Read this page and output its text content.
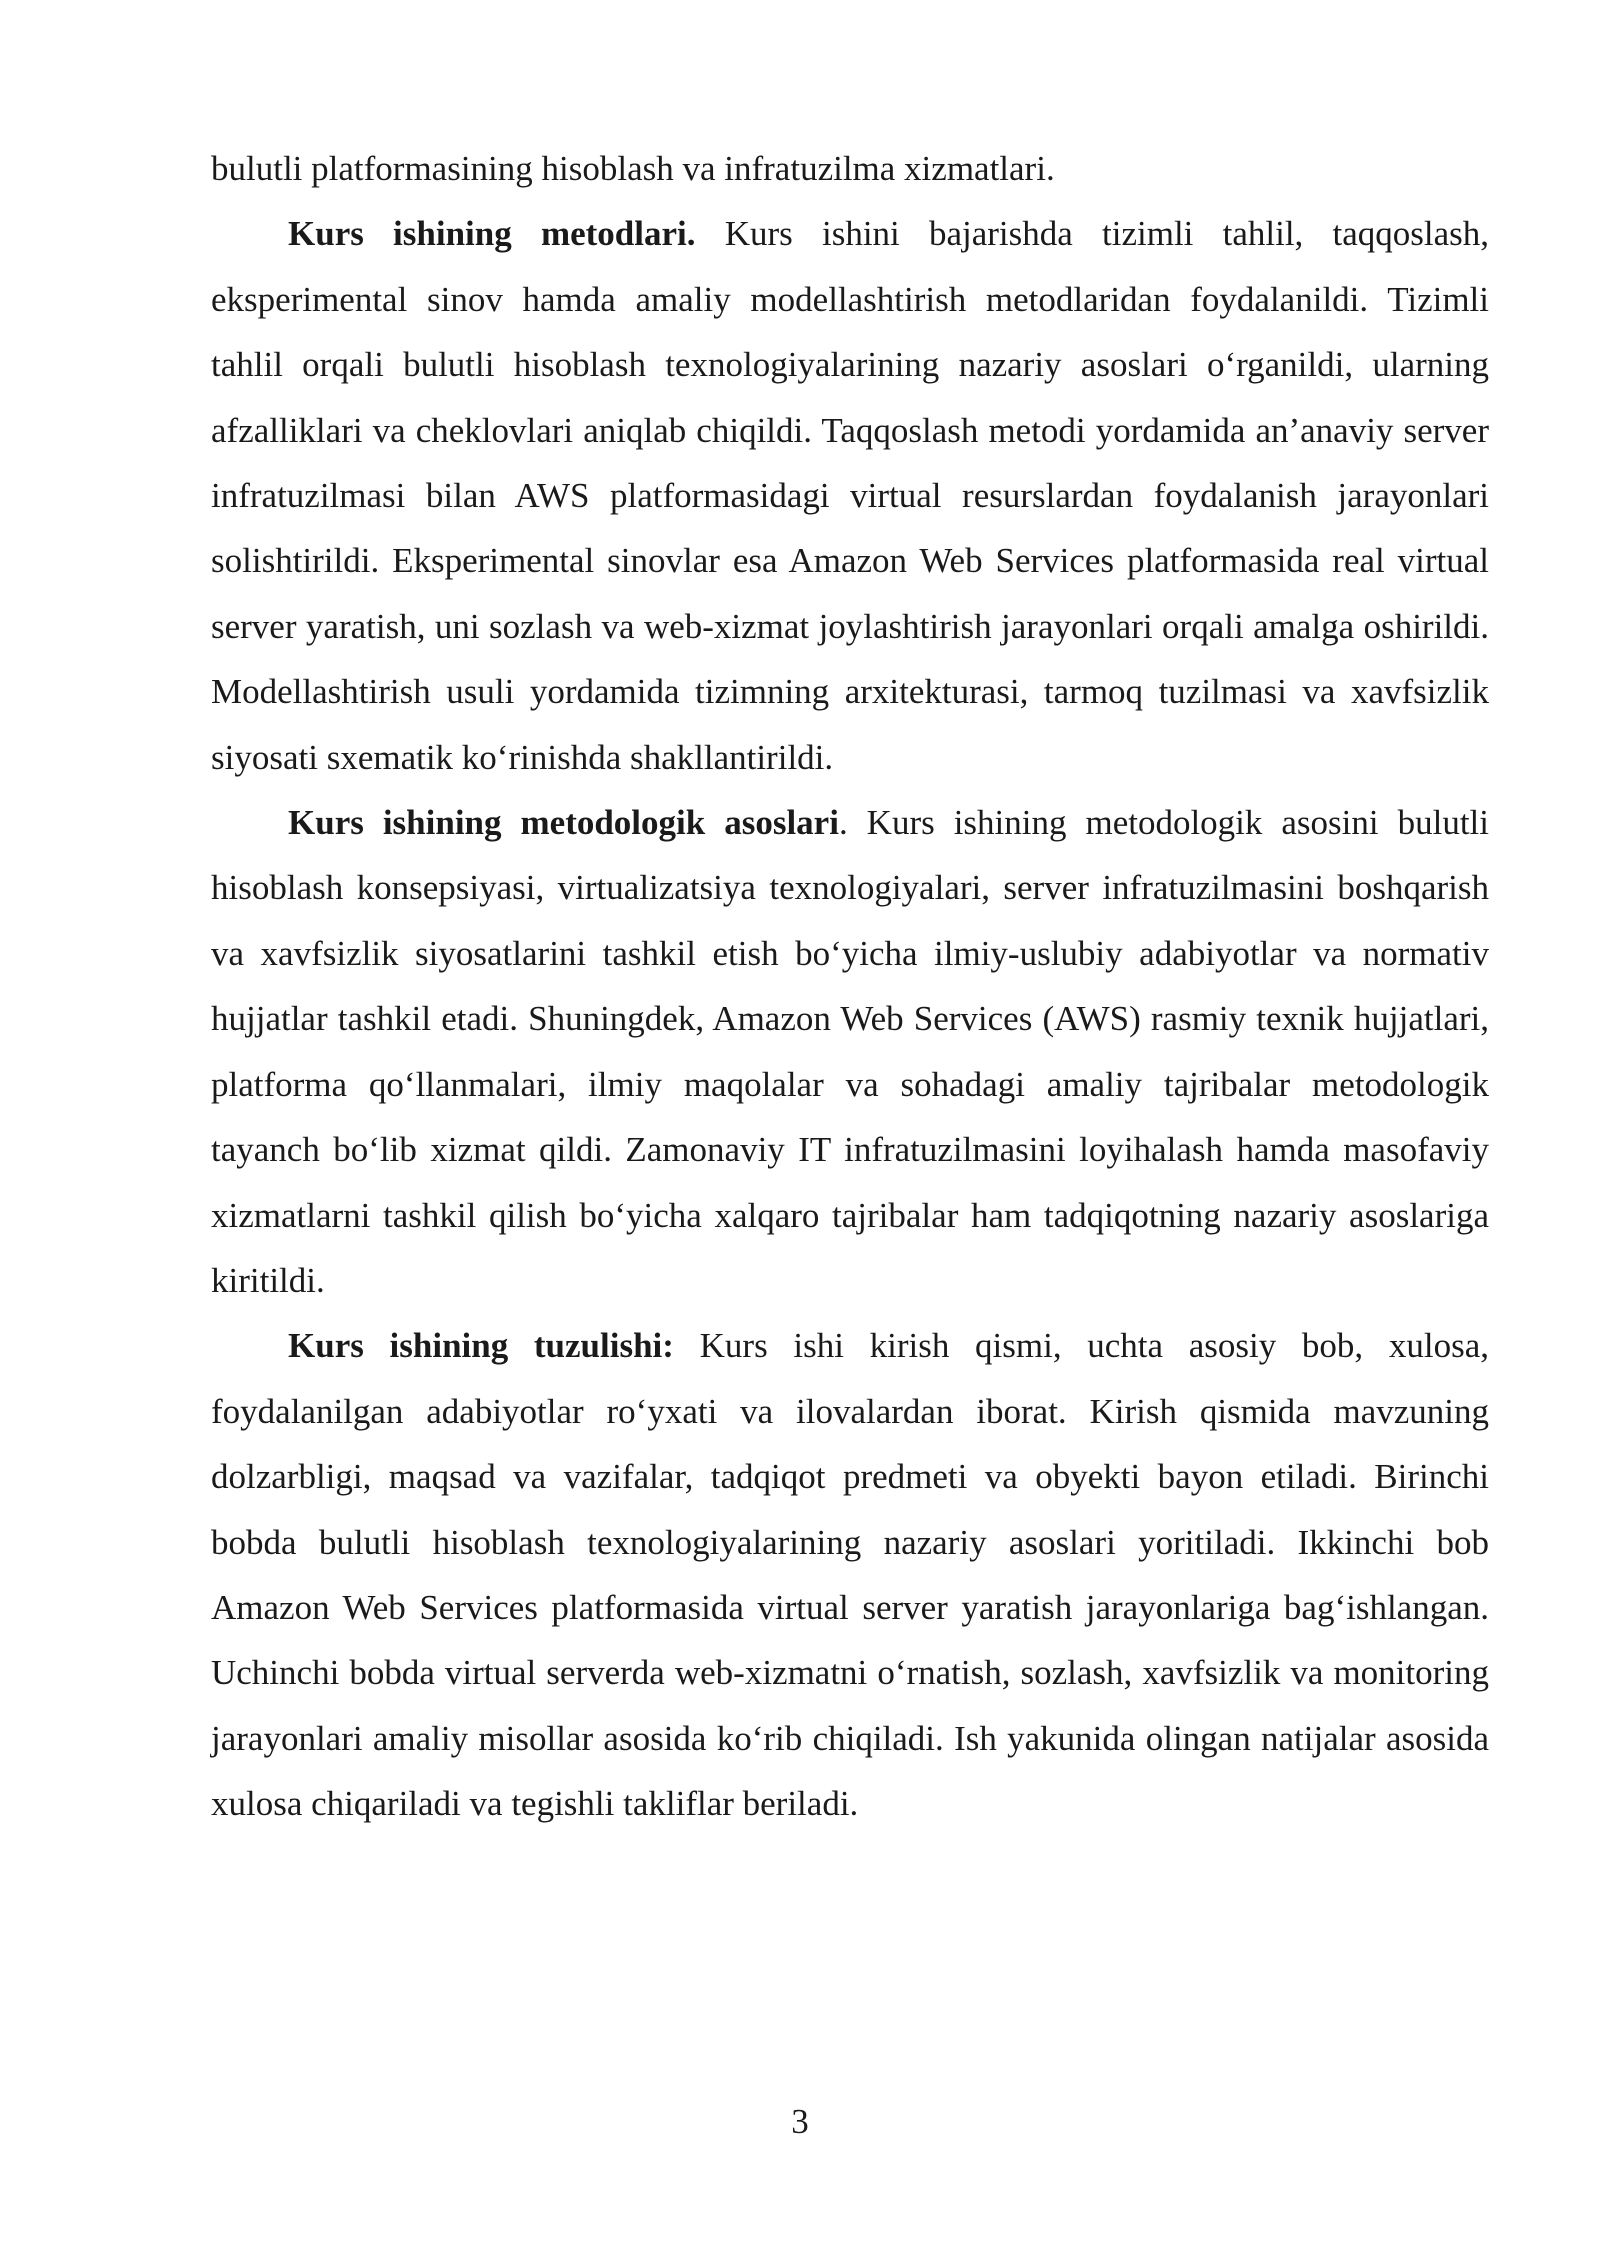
bulutli platformasining hisoblash va infratuzilma xizmatlari.

Kurs ishining metodlari. Kurs ishini bajarishda tizimli tahlil, taqqoslash, eksperimental sinov hamda amaliy modellashtirish metodlaridan foydalanildi. Tizimli tahlil orqali bulutli hisoblash texnologiyalarining nazariy asoslari o‘rganildi, ularning afzalliklari va cheklovlari aniqlab chiqildi. Taqqoslash metodi yordamida an’anaviy server infratuzilmasi bilan AWS platformasidagi virtual resurslardan foydalanish jarayonlari solishtirildi. Eksperimental sinovlar esa Amazon Web Services platformasida real virtual server yaratish, uni sozlash va web-xizmat joylashtirish jarayonlari orqali amalga oshirildi. Modellashtirish usuli yordamida tizimning arxitekturasi, tarmoq tuzilmasi va xavfsizlik siyosati sxematik ko‘rinishda shakllantirildi.

Kurs ishining metodologik asoslari. Kurs ishining metodologik asosini bulutli hisoblash konsepsiyasi, virtualizatsiya texnologiyalari, server infratuzilmasini boshqarish va xavfsizlik siyosatlarini tashkil etish bo‘yicha ilmiy-uslubiy adabiyotlar va normativ hujjatlar tashkil etadi. Shuningdek, Amazon Web Services (AWS) rasmiy texnik hujjatlari, platforma qo‘llanmalari, ilmiy maqolalar va sohadagi amaliy tajribalar metodologik tayanch bo‘lib xizmat qildi. Zamonaviy IT infratuzilmasini loyihalash hamda masofaviy xizmatlarni tashkil qilish bo‘yicha xalqaro tajribalar ham tadqiqotning nazariy asoslariga kiritildi.

Kurs ishining tuzulishi: Kurs ishi kirish qismi, uchta asosiy bob, xulosa, foydalanilgan adabiyotlar ro‘yxati va ilovalardan iborat. Kirish qismida mavzuning dolzarbligi, maqsad va vazifalar, tadqiqot predmeti va obyekti bayon etiladi. Birinchi bobda bulutli hisoblash texnologiyalarining nazariy asoslari yoritiladi. Ikkinchi bob Amazon Web Services platformasida virtual server yaratish jarayonlariga bag‘ishlangan. Uchinchi bobda virtual serverda web-xizmatni o‘rnatish, sozlash, xavfsizlik va monitoring jarayonlari amaliy misollar asosida ko‘rib chiqiladi. Ish yakunida olingan natijalar asosida xulosa chiqariladi va tegishli takliflar beriladi.

3
